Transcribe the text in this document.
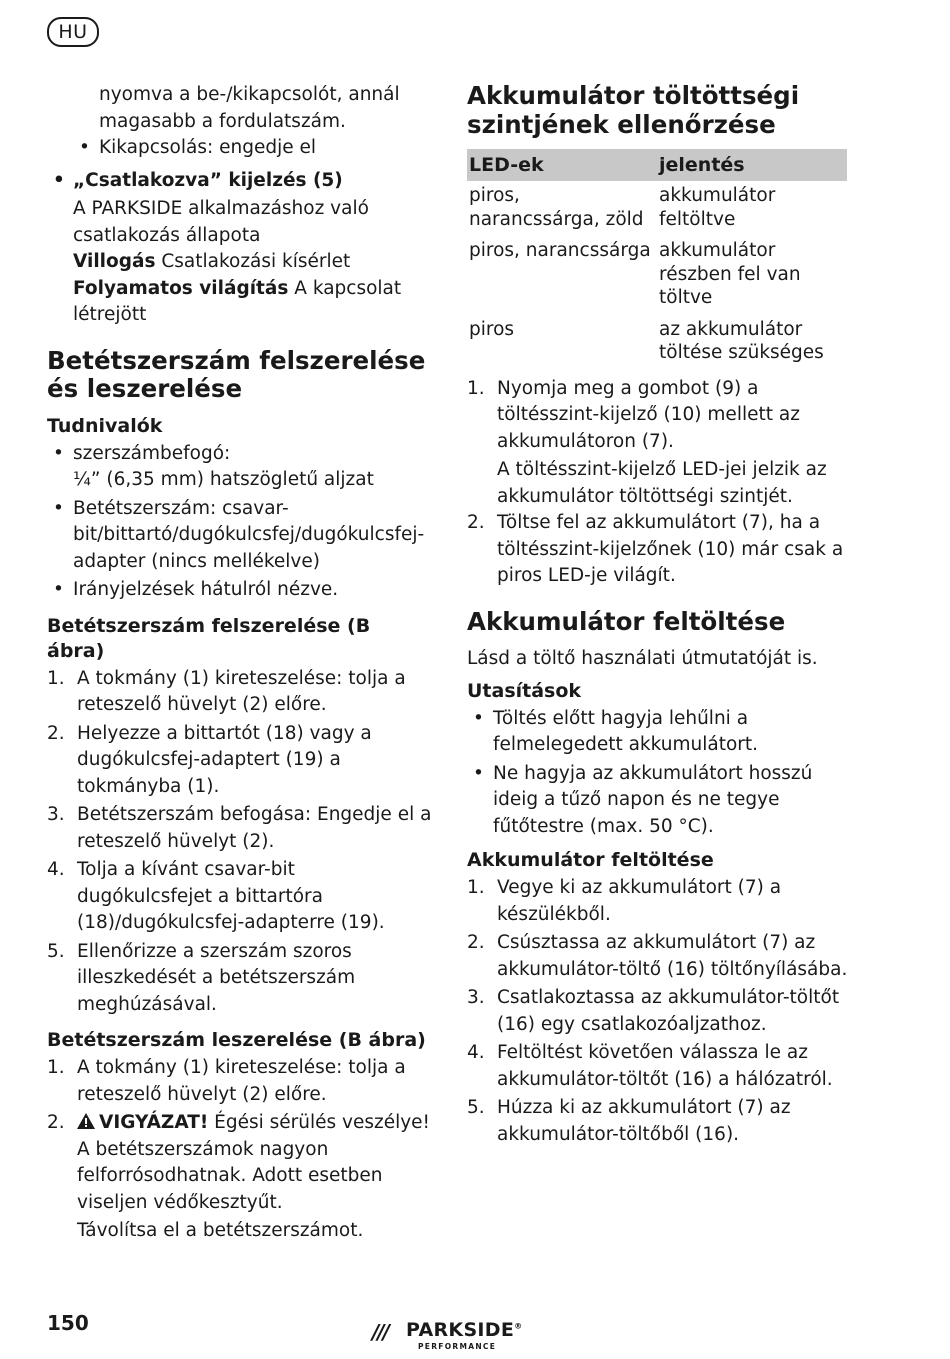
HU

nyomva a be-/kikapcsolót, annál

magasabb a fordulatszám.

• Kikapcsolás: engedje el
• „Csatlakozva” kijelzés (5)

A PARKSIDE alkalmazáshoz való csatlakozás állapota

Villogás Csatlakozási kísérlet

Folyamatos világítás A kapcsolat létrejött

Betétszerszám felszerelése és leszerelése
Tudnivalók
• szerszámbefogó:
¼” (6,35 mm) hatszögletű aljzat
• Betétszerszám: csavar-bit/bittartó/dugókulcsfej/dugókulcsfej-adapter (nincs mellékelve)
• Irányjelzések hátulról nézve.
Betétszerszám felszerelése (B ábra)
1. A tokmány (1) kireteszelése: tolja a reteszelő hüvelyt (2) előre.
2. Helyezze a bittartót (18) vagy a dugókulcsfej-adaptert (19) a tokmányba (1).
3. Betétszerszám befogása: Engedje el a reteszelő hüvelyt (2).
4. Tolja a kívánt csavar-bit dugókulcsfejet a bittartóra (18)/dugókulcsfej-adapterre (19).
5. Ellenőrizze a szerszám szoros illeszkedését a betétszerszám meghúzásával.
Betétszerszám leszerelése (B ábra)
1. A tokmány (1) kireteszelése: tolja a reteszelő hüvelyt (2) előre.
2. VIGYÁZAT! Égési sérülés veszélye! A betétszerszámok nagyon felforrósodhatnak. Adott esetben viseljen védőkesztyűt.

Távolítsa el a betétszerszámot.

Akkumulátor töltöttségi szintjének ellenőrzése
LED-ek	jelentés
piros, narancssárga, zöld	akkumulátor feltöltve
piros, narancssárga	akkumulátor részben fel van töltve
piros	az akkumulátor töltése szükséges
1. Nyomja meg a gombot (9) a töltésszint-kijelző (10) mellett az akkumulátoron (7).

A töltésszint-kijelző LED-jei jelzik az akkumulátor töltöttségi szintjét.

2. Töltse fel az akkumulátort (7), ha a töltésszint-kijelzőnek (10) már csak a piros LED-je világít.
Akkumulátor feltöltése

Lásd a töltő használati útmutatóját is.

Utasítások
• Töltés előtt hagyja lehűlni a felmelegedett akkumulátort.
• Ne hagyja az akkumulátort hosszú ideig a tűző napon és ne tegye fűtőtestre (max. 50 °C).
Akkumulátor feltöltése
1. Vegye ki az akkumulátort (7) a készülékből.
2. Csúsztassa az akkumulátort (7) az akkumulátor-töltő (16) töltőnyílásába.
3. Csatlakoztassa az akkumulátor-töltőt (16) egy csatlakozóaljzathoz.
4. Feltöltést követően válassza le az akkumulátor-töltőt (16) a hálózatról.
5. Húzza ki az akkumulátort (7) az akkumulátor-töltőből (16).
150	/// PARKSIDE®
PERFORMANCE
